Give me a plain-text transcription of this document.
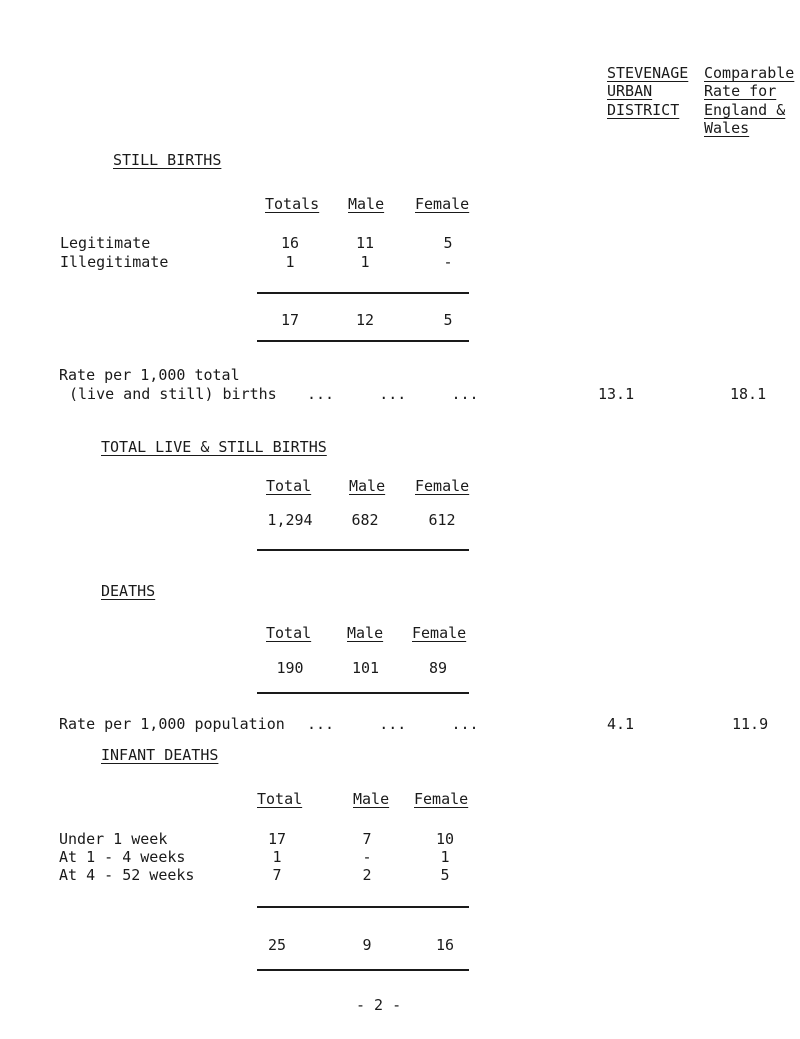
STEVENAGE
URBAN
DISTRICT
Comparable
Rate for
England &
Wales
STILL BIRTHS
Totals Male Female
Legitimate	16	11	5
Illegitimate	1	1	-
17	12	5
Rate per 1,000 total
(live and still) births ...     ...     ...	13.1	18.1
TOTAL LIVE & STILL BIRTHS
Total	Male Female
1,294	682	612
DEATHS
Total Male Female
190	101	89
Rate per 1,000 population ...     ...     ...	4.1	11.9
INFANT DEATHS
Total	Male Female
Under 1 week	17	7	10
At 1 - 4 weeks	1	-	1
At 4 - 52 weeks	7	2	5
25	9	16
- 2 -
